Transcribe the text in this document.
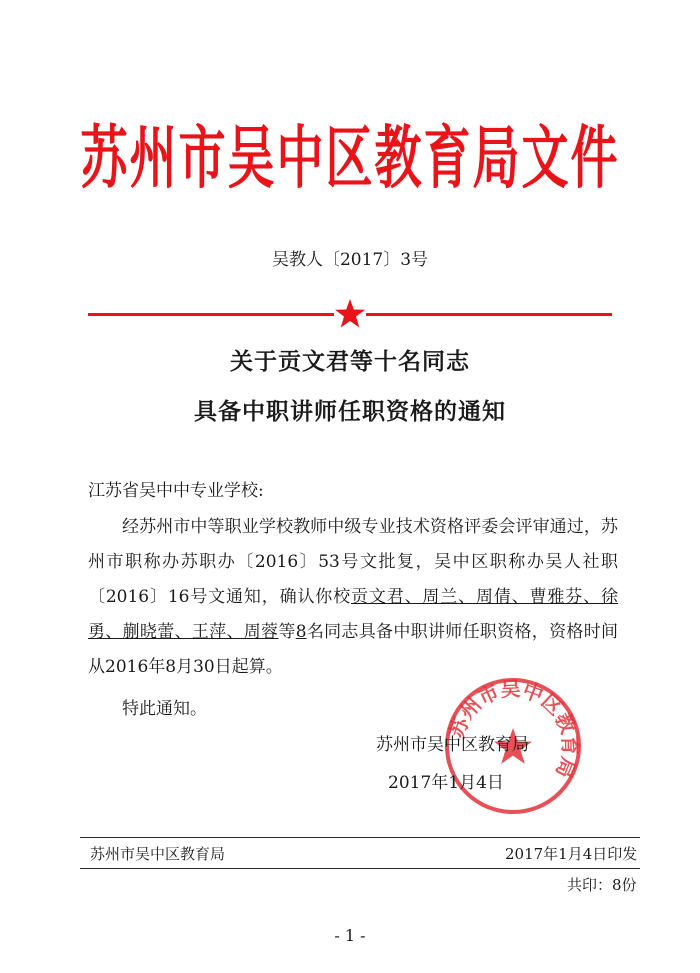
苏州市吴中区教育局文件
吴教人〔2017〕3号
关于贡文君等十名同志
具备中职讲师任职资格的通知
江苏省吴中中专业学校:
经苏州市中等职业学校教师中级专业技术资格评委会评审通过，苏州市职称办苏职办〔2016〕53号文批复，吴中区职称办吴人社职〔2016〕16号文通知，确认你校贡文君、周兰、周倩、曹雅芬、徐勇、蒯晓蕾、王萍、周蓉等8名同志具备中职讲师任职资格，资格时间从2016年8月30日起算。
特此通知。
苏州市吴中区教育局
苏州市吴中区教育局
2017年1月4日
苏州市吴中区教育局	2017年1月4日印发
共印：8份
- 1 -
